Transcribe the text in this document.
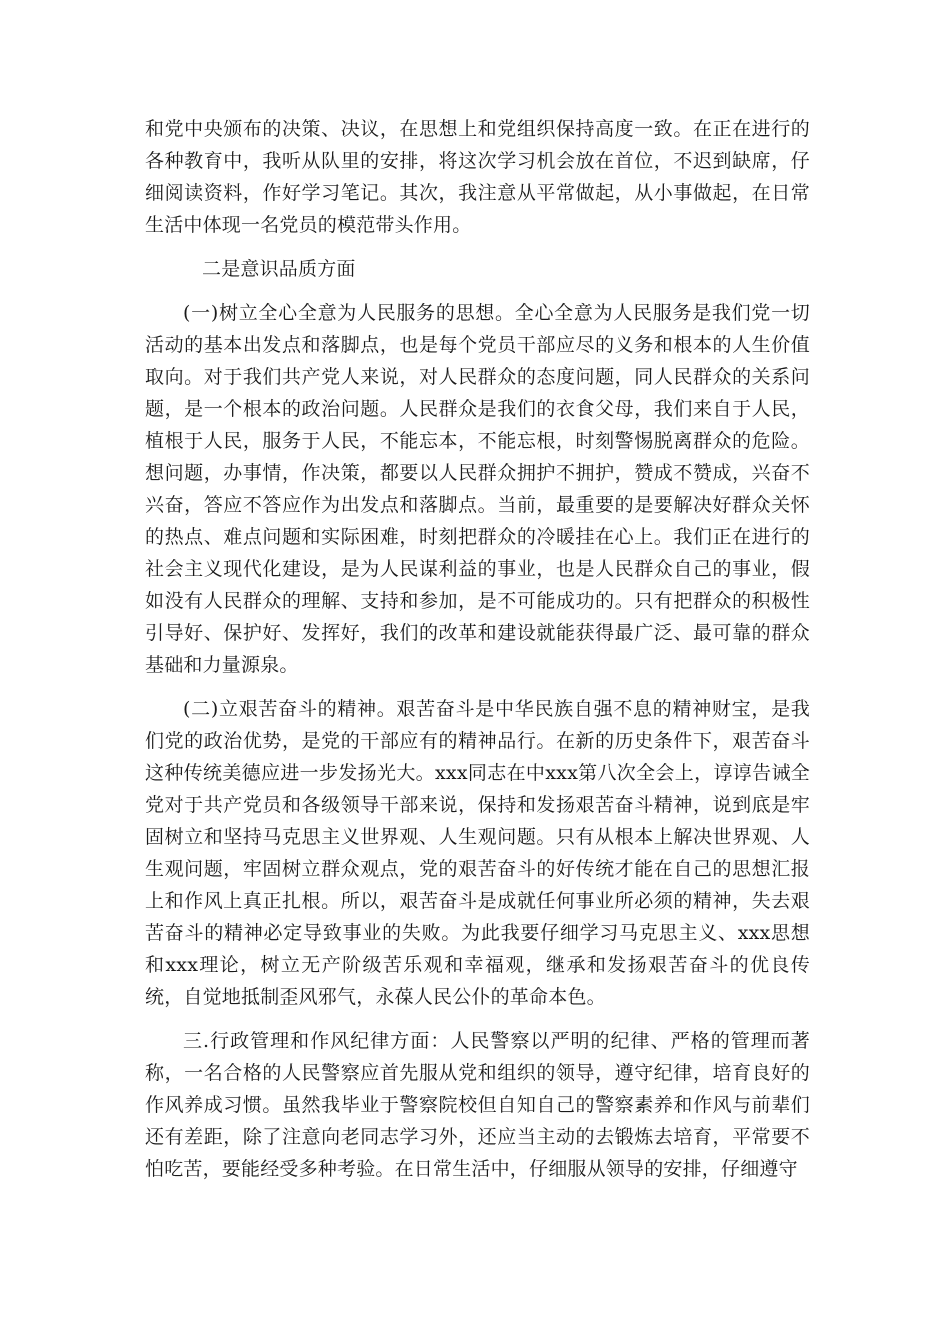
和党中央颁布的决策、决议，在思想上和党组织保持高度一致。在正在进行的各种教育中，我听从队里的安排，将这次学习机会放在首位，不迟到缺席，仔细阅读资料，作好学习笔记。其次，我注意从平常做起，从小事做起，在日常生活中体现一名党员的模范带头作用。

二是意识品质方面

(一)树立全心全意为人民服务的思想。全心全意为人民服务是我们党一切活动的基本出发点和落脚点，也是每个党员干部应尽的义务和根本的人生价值取向。对于我们共产党人来说，对人民群众的态度问题，同人民群众的关系问题，是一个根本的政治问题。人民群众是我们的衣食父母，我们来自于人民，植根于人民，服务于人民，不能忘本，不能忘根，时刻警惕脱离群众的危险。想问题，办事情，作决策，都要以人民群众拥护不拥护，赞成不赞成，兴奋不兴奋，答应不答应作为出发点和落脚点。当前，最重要的是要解决好群众关怀的热点、难点问题和实际困难，时刻把群众的冷暖挂在心上。我们正在进行的社会主义现代化建设，是为人民谋利益的事业，也是人民群众自己的事业，假如没有人民群众的理解、支持和参加，是不可能成功的。只有把群众的积极性引导好、保护好、发挥好，我们的改革和建设就能获得最广泛、最可靠的群众基础和力量源泉。

(二)立艰苦奋斗的精神。艰苦奋斗是中华民族自强不息的精神财宝，是我们党的政治优势，是党的干部应有的精神品行。在新的历史条件下，艰苦奋斗这种传统美德应进一步发扬光大。xxx同志在中xxx第八次全会上，谆谆告诫全党对于共产党员和各级领导干部来说，保持和发扬艰苦奋斗精神，说到底是牢固树立和坚持马克思主义世界观、人生观问题。只有从根本上解决世界观、人生观问题，牢固树立群众观点，党的艰苦奋斗的好传统才能在自己的思想汇报上和作风上真正扎根。所以，艰苦奋斗是成就任何事业所必须的精神，失去艰苦奋斗的精神必定导致事业的失败。为此我要仔细学习马克思主义、xxx思想和xxx理论，树立无产阶级苦乐观和幸福观，继承和发扬艰苦奋斗的优良传统，自觉地抵制歪风邪气，永葆人民公仆的革命本色。

三.行政管理和作风纪律方面：人民警察以严明的纪律、严格的管理而著称，一名合格的人民警察应首先服从党和组织的领导，遵守纪律，培育良好的作风养成习惯。虽然我毕业于警察院校但自知自己的警察素养和作风与前辈们还有差距，除了注意向老同志学习外，还应当主动的去锻炼去培育，平常要不怕吃苦，要能经受多种考验。在日常生活中，仔细服从领导的安排，仔细遵守
